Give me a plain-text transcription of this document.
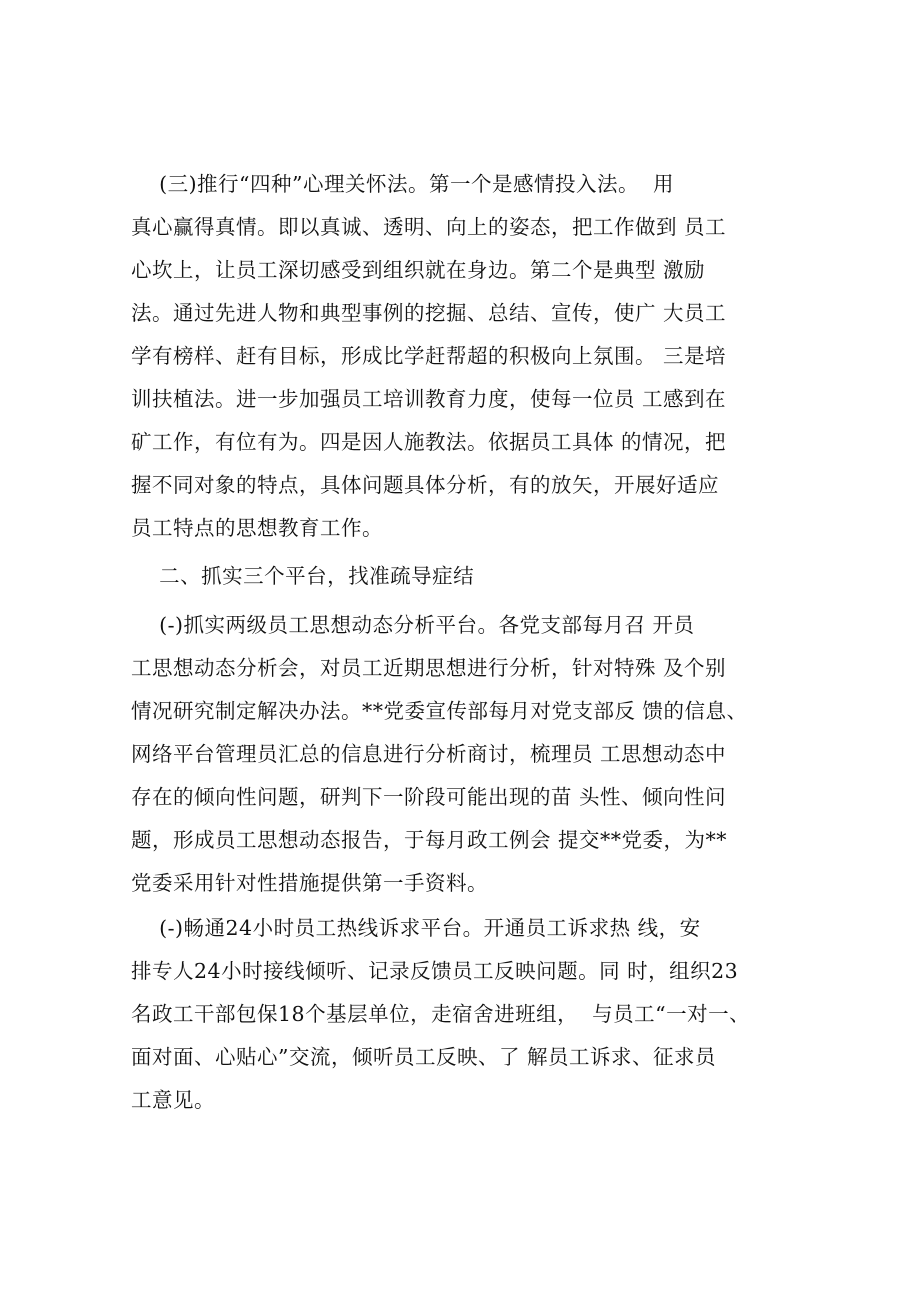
(三)推行“四种”心理关怀法。第一个是感情投入法。  用
真心赢得真情。即以真诚、透明、向上的姿态，把工作做到 员工
心坎上，让员工深切感受到组织就在身边。第二个是典型 激励
法。通过先进人物和典型事例的挖掘、总结、宣传，使广 大员工
学有榜样、赶有目标，形成比学赶帮超的积极向上氛围。 三是培
训扶植法。进一步加强员工培训教育力度，使每一位员 工感到在
矿工作，有位有为。四是因人施教法。依据员工具体 的情况，把
握不同对象的特点，具体问题具体分析，有的放矢，开展好适应
员工特点的思想教育工作。
二、抓实三个平台，找准疏导症结
(-)抓实两级员工思想动态分析平台。各党支部每月召 开员
工思想动态分析会，对员工近期思想进行分析，针对特殊 及个别
情况研究制定解决办法。**党委宣传部每月对党支部反 馈的信息、
网络平台管理员汇总的信息进行分析商讨，梳理员 工思想动态中
存在的倾向性问题，研判下一阶段可能出现的苗 头性、倾向性问
题，形成员工思想动态报告，于每月政工例会 提交**党委，为**
党委采用针对性措施提供第一手资料。
(-)畅通24小时员工热线诉求平台。开通员工诉求热 线，安
排专人24小时接线倾听、记录反馈员工反映问题。同 时，组织23
名政工干部包保18个基层单位，走宿舍进班组，  与员工“一对一、
面对面、心贴心”交流，倾听员工反映、了 解员工诉求、征求员
工意见。
